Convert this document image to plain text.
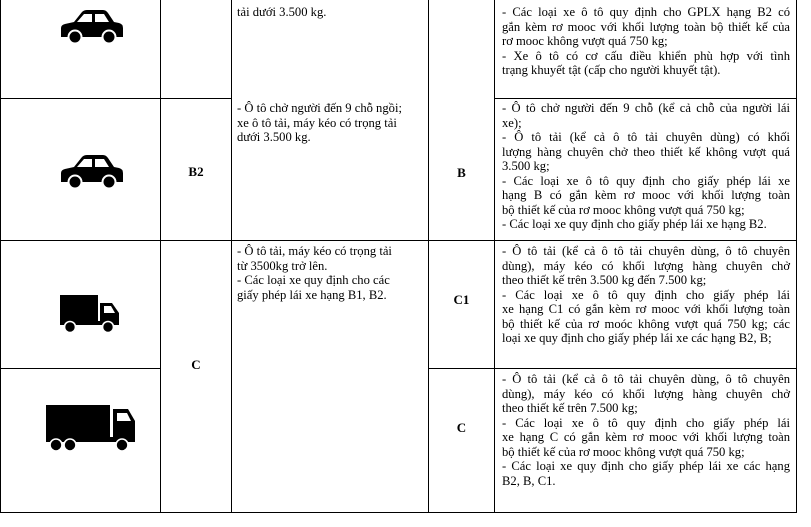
B2
C
B
C1
C
tải dưới 3.500 kg.
- Ô tô chở người đến 9 chỗ ngồi;
xe ô tô tải, máy kéo có trọng tải
dưới 3.500 kg.
- Ô tô tải, máy kéo có trọng tải
từ 3500kg trở lên.
- Các loại xe quy định cho các
giấy phép lái xe hạng B1, B2.
- Các loại xe ô tô quy định cho GPLX hạng B2 có
gắn kèm rơ mooc với khối lượng toàn bộ thiết kế của
rơ mooc không vượt quá 750 kg;
- Xe ô tô có cơ cấu điều khiển phù hợp với tình
trạng khuyết tật (cấp cho người khuyết tật).
- Ô tô chở người đến 9 chỗ (kể cả chỗ của người lái
xe);
- Ô tô tải (kể cả ô tô tải chuyên dùng) có khối
lượng hàng chuyên chở theo thiết kế không vượt quá
3.500 kg;
- Các loại xe ô tô quy định cho giấy phép lái xe
hạng B có gắn kèm rơ mooc với khối lượng toàn
bộ thiết kế của rơ mooc không vượt quá 750 kg;
- Các loại xe quy định cho giấy phép lái xe hạng B2.
- Ô tô tải (kể cả ô tô tải chuyên dùng, ô tô chuyên
dùng), máy kéo có khối lượng hàng chuyên chở
theo thiết kế trên 3.500 kg đến 7.500 kg;
- Các loại xe ô tô quy định cho giấy phép lái
xe hạng C1 có gắn kèm rơ mooc với khối lượng toàn
bộ thiết kế của rơ moóc không vượt quá 750 kg; các
loại xe quy định cho giấy phép lái xe các hạng B2, B;
- Ô tô tải (kể cả ô tô tải chuyên dùng, ô tô chuyên
dùng), máy kéo có khối lượng hàng chuyên chở
theo thiết kế trên 7.500 kg;
- Các loại xe ô tô quy định cho giấy phép lái
xe hạng C có gắn kèm rơ mooc với khối lượng toàn
bộ thiết kế của rơ mooc không vượt quá 750 kg;
- Các loại xe quy định cho giấy phép lái xe các hạng
B2, B, C1.
